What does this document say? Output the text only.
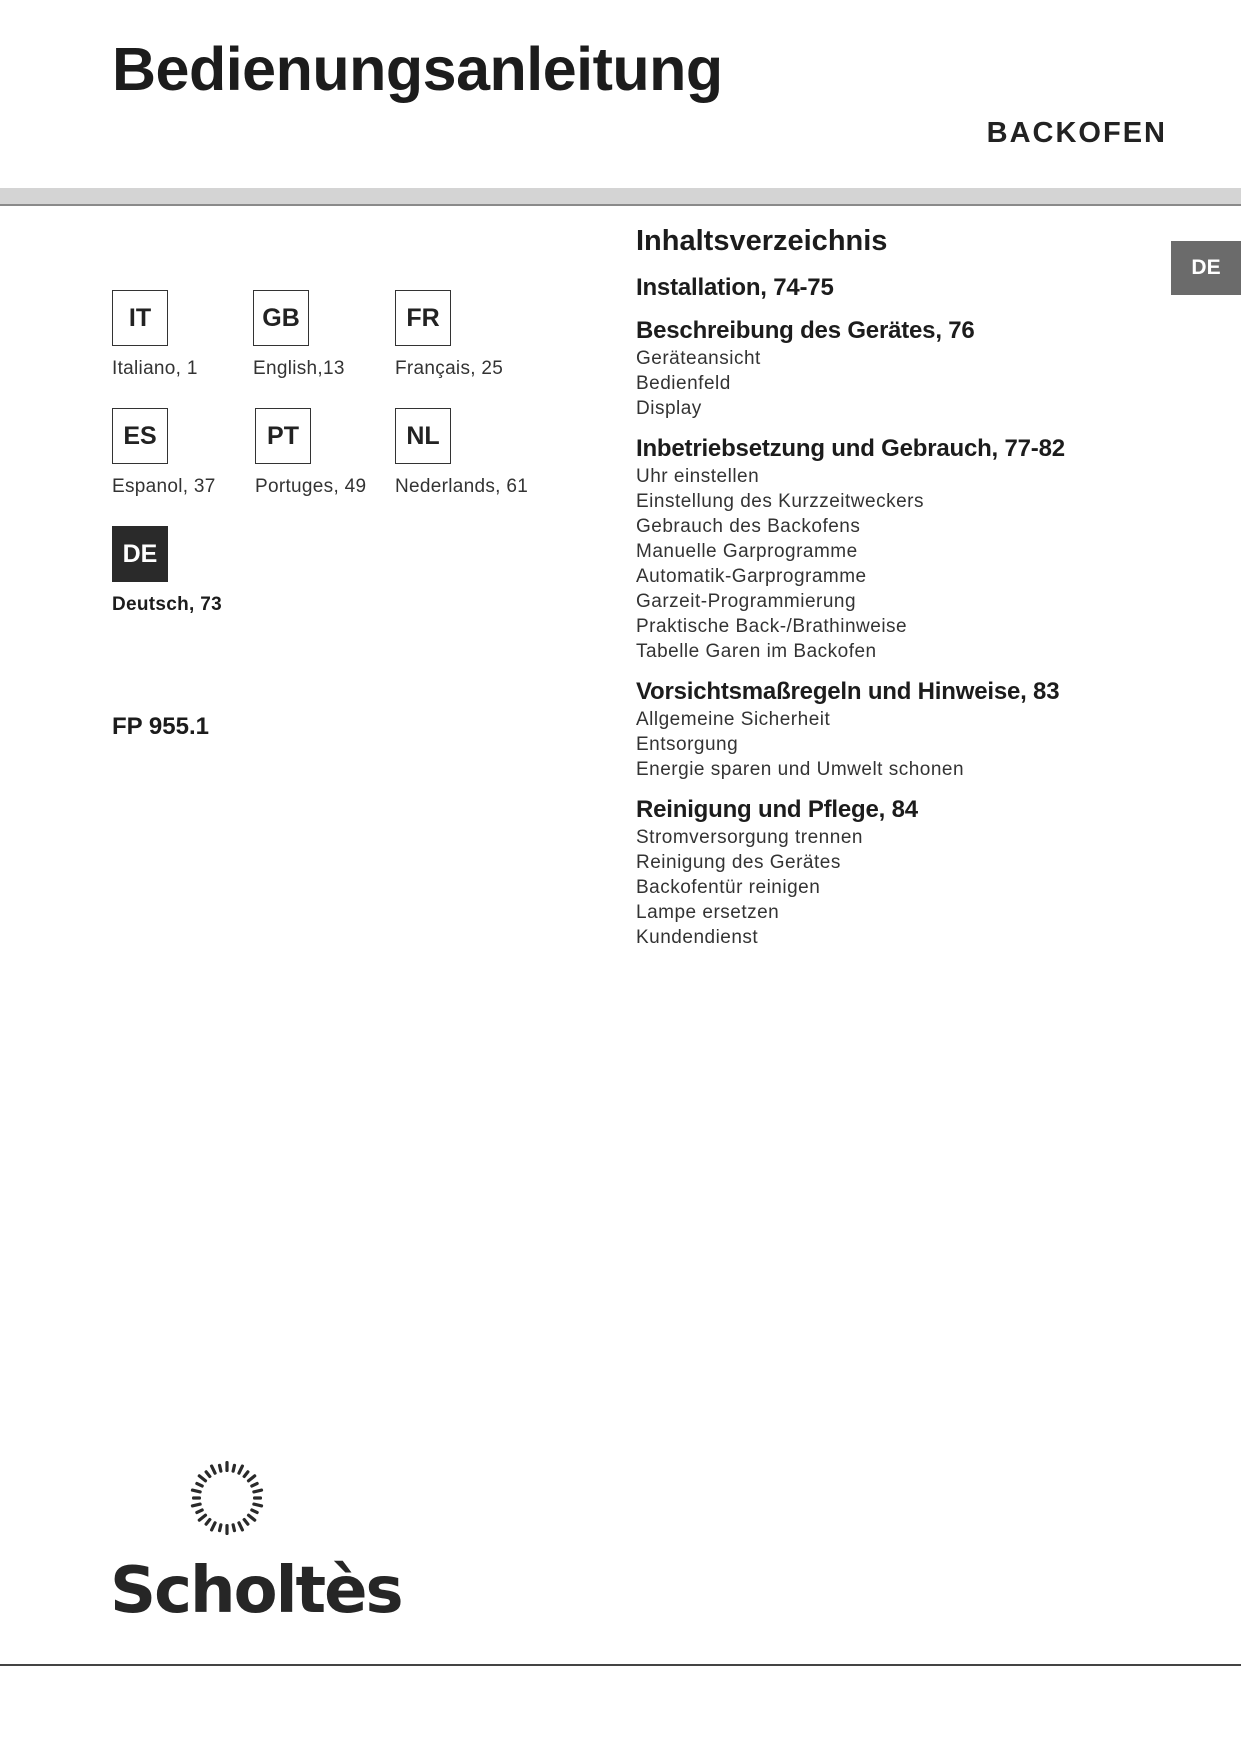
Bedienungsanleitung
BACKOFEN
DE
IT
Italiano, 1
GB
English,13
FR
Français, 25
ES
Espanol, 37
PT
Portuges, 49
NL
Nederlands, 61
DE
Deutsch, 73
FP 955.1
Inhaltsverzeichnis
Installation, 74-75
Beschreibung des Gerätes, 76
Geräteansicht
Bedienfeld
Display
Inbetriebsetzung und Gebrauch, 77-82
Uhr einstellen
Einstellung des Kurzzeitweckers
Gebrauch des Backofens
Manuelle Garprogramme
Automatik-Garprogramme
Garzeit-Programmierung
Praktische Back-/Brathinweise
Tabelle Garen im Backofen
Vorsichtsmaßregeln und Hinweise, 83
Allgemeine Sicherheit
Entsorgung
Energie sparen und Umwelt schonen
Reinigung und Pflege, 84
Stromversorgung trennen
Reinigung des Gerätes
Backofentür reinigen
Lampe ersetzen
Kundendienst
Scholtès
